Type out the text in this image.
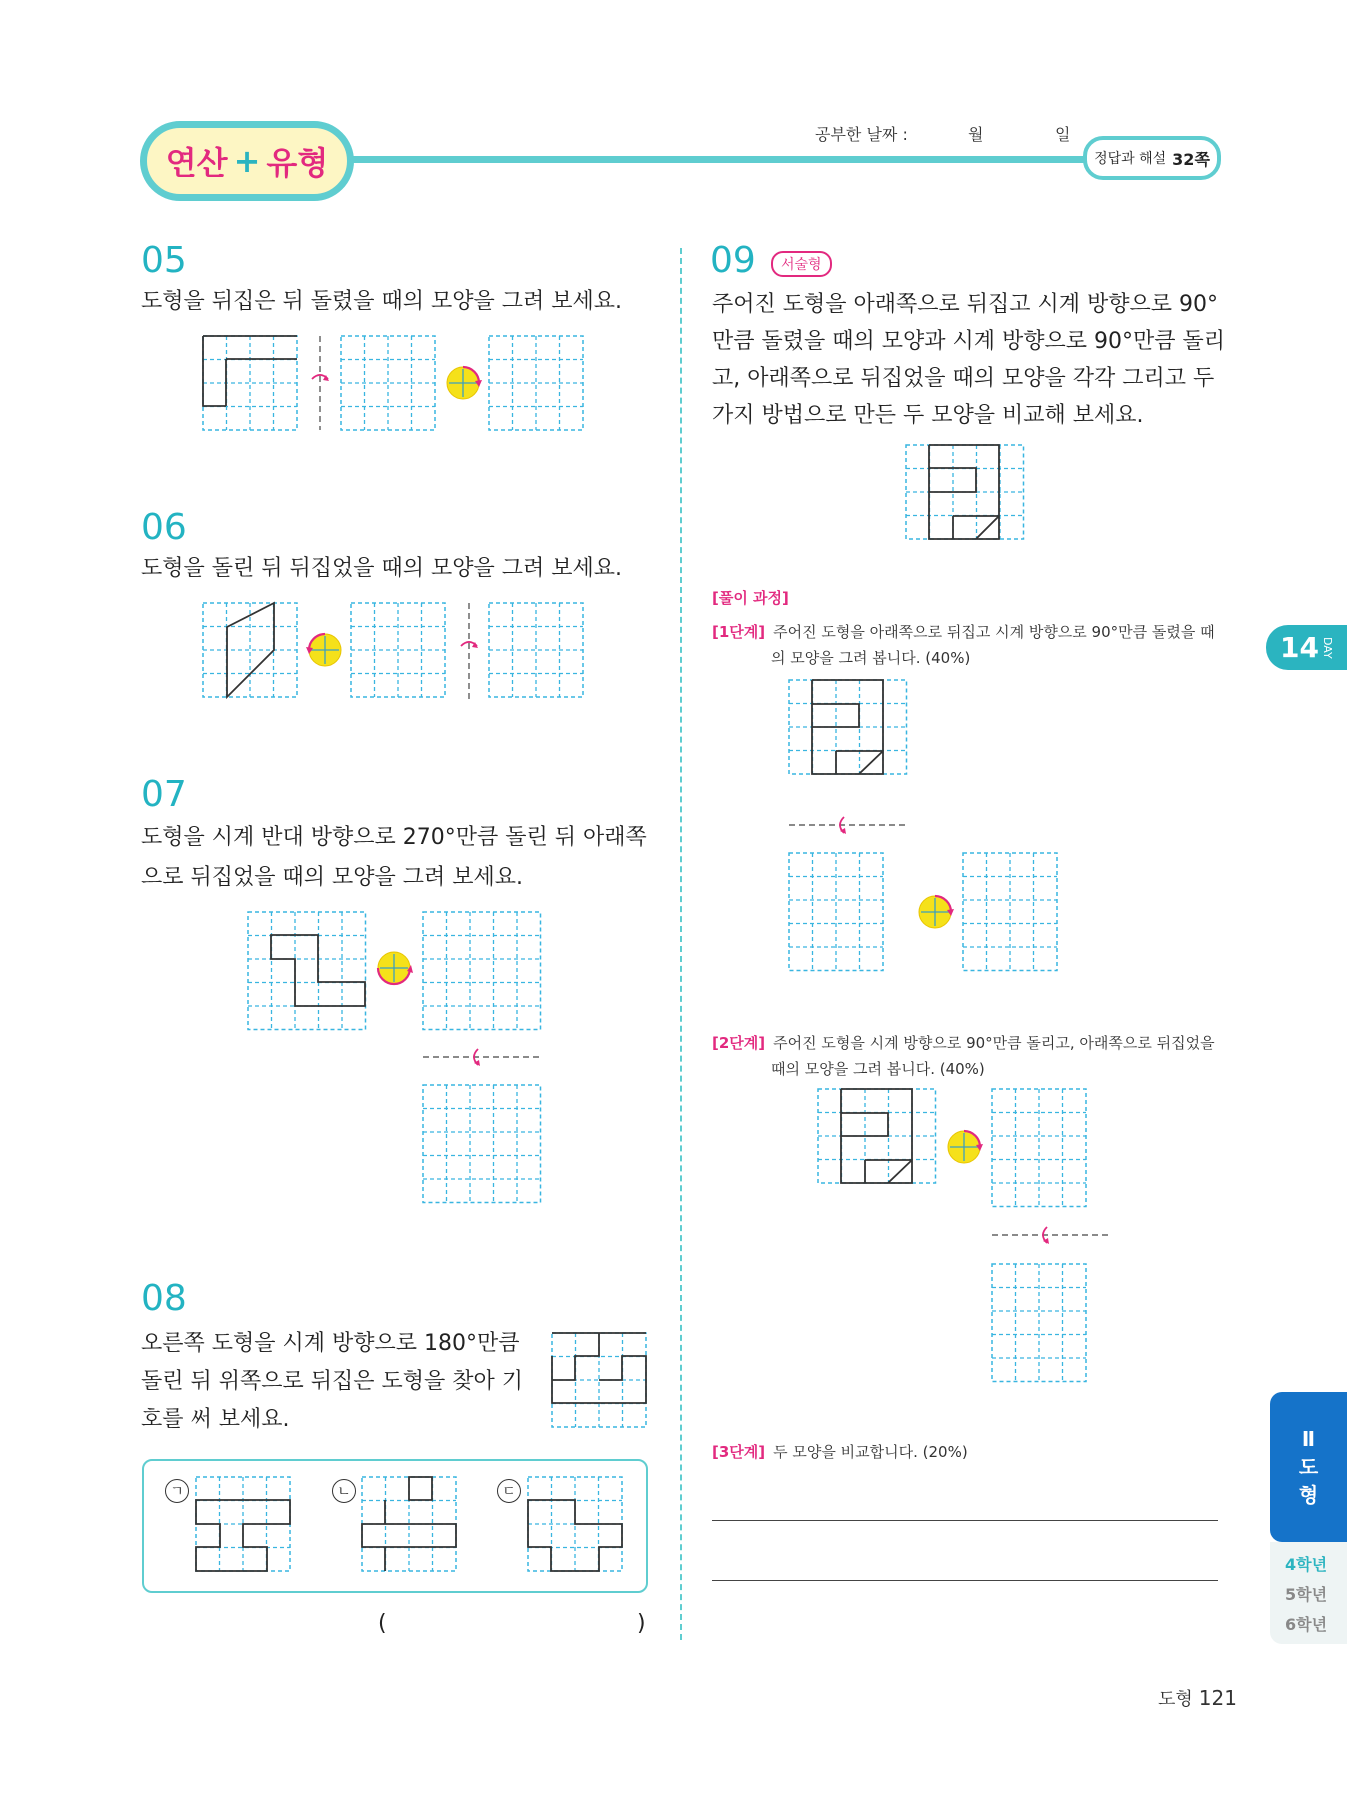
연산 + 유형
공부한 날짜 :	월	일
정답과 해설 32쪽
05
도형을 뒤집은 뒤 돌렸을 때의 모양을 그려 보세요.
06
도형을 돌린 뒤 뒤집었을 때의 모양을 그려 보세요.
07
도형을 시계 반대 방향으로 270°만큼 돌린 뒤 아래쪽
으로 뒤집었을 때의 모양을 그려 보세요.
08
오른쪽 도형을 시계 방향으로 180°만큼
돌린 뒤 위쪽으로 뒤집은 도형을 찾아 기
호를 써 보세요.
ㄱ	ㄴ	ㄷ
(	)
09	서술형
주어진 도형을 아래쪽으로 뒤집고 시계 방향으로 90°
만큼 돌렸을 때의 모양과 시계 방향으로 90°만큼 돌리
고, 아래쪽으로 뒤집었을 때의 모양을 각각 그리고 두
가지 방법으로 만든 두 모양을 비교해 보세요.
[풀이 과정]
[1단계] 주어진 도형을 아래쪽으로 뒤집고 시계 방향으로 90°만큼 돌렸을 때
의 모양을 그려 봅니다. (40%)
[2단계] 주어진 도형을 시계 방향으로 90°만큼 돌리고, 아래쪽으로 뒤집었을
때의 모양을 그려 봅니다. (40%)
[3단계] 두 모양을 비교합니다. (20%)
14 DAY
Ⅱ
도
형
4학년
5학년
6학년
도형 121
